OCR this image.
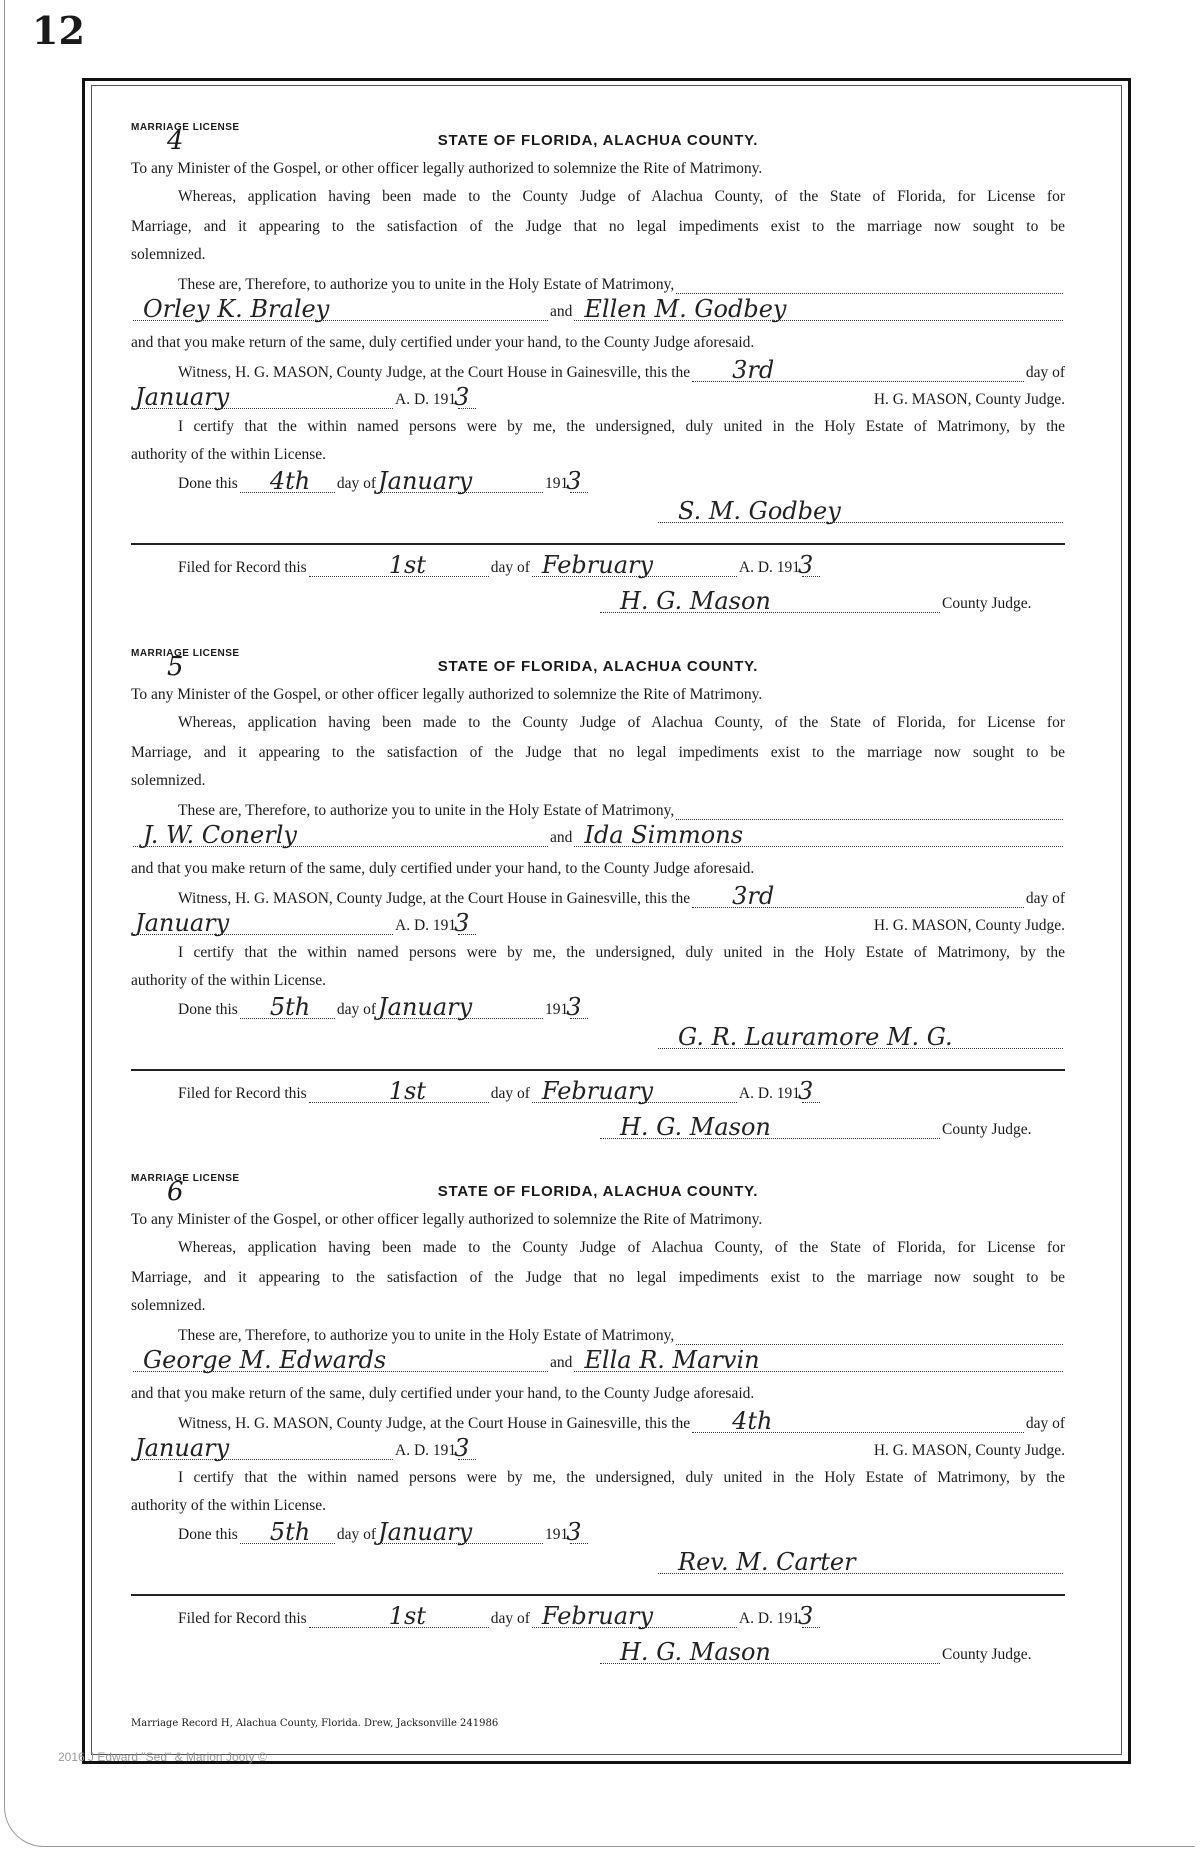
12
MARRIAGE LICENSE
4	STATE OF FLORIDA, ALACHUA COUNTY.
To any Minister of the Gospel, or other officer legally authorized to solemnize the Rite of Matrimony.
Whereas, application having been made to the County Judge of Alachua County, of the State of Florida, for License for
Marriage, and it appearing to the satisfaction of the Judge that no legal impediments exist to the marriage now sought to be
solemnized.
These are, Therefore, to authorize you to unite in the Holy Estate of Matrimony,
Orley K. Braley	and Ellen M. Godbey
and that you make return of the same, duly certified under your hand, to the County Judge aforesaid.
Witness, H. G. MASON, County Judge, at the Court House in Gainesville, this the 3rd	day of
January	A. D. 191
3	H. G. MASON, County Judge.
I certify that the within named persons were by me, the undersigned, duly united in the Holy Estate of Matrimony, by the
authority of the within License.
Done this 4th day of January	191
3
S. M. Godbey
Filed for Record this	1st	day of February	A. D. 191
3
H. G. Mason	County Judge.
MARRIAGE LICENSE
5	STATE OF FLORIDA, ALACHUA COUNTY.
To any Minister of the Gospel, or other officer legally authorized to solemnize the Rite of Matrimony.
Whereas, application having been made to the County Judge of Alachua County, of the State of Florida, for License for
Marriage, and it appearing to the satisfaction of the Judge that no legal impediments exist to the marriage now sought to be
solemnized.
These are, Therefore, to authorize you to unite in the Holy Estate of Matrimony,
J. W. Conerly	and Ida Simmons
and that you make return of the same, duly certified under your hand, to the County Judge aforesaid.
Witness, H. G. MASON, County Judge, at the Court House in Gainesville, this the 3rd	day of
January	A. D. 191
3	H. G. MASON, County Judge.
I certify that the within named persons were by me, the undersigned, duly united in the Holy Estate of Matrimony, by the
authority of the within License.
Done this 5th day of January	191
3
G. R. Lauramore M. G.
Filed for Record this	1st	day of February	A. D. 191
3
H. G. Mason	County Judge.
MARRIAGE LICENSE
6	STATE OF FLORIDA, ALACHUA COUNTY.
To any Minister of the Gospel, or other officer legally authorized to solemnize the Rite of Matrimony.
Whereas, application having been made to the County Judge of Alachua County, of the State of Florida, for License for
Marriage, and it appearing to the satisfaction of the Judge that no legal impediments exist to the marriage now sought to be
solemnized.
These are, Therefore, to authorize you to unite in the Holy Estate of Matrimony,
George M. Edwards	and Ella R. Marvin
and that you make return of the same, duly certified under your hand, to the County Judge aforesaid.
Witness, H. G. MASON, County Judge, at the Court House in Gainesville, this the 4th	day of
January	A. D. 191
3	H. G. MASON, County Judge.
I certify that the within named persons were by me, the undersigned, duly united in the Holy Estate of Matrimony, by the
authority of the within License.
Done this 5th day of January	191
3
Rev. M. Carter
Filed for Record this	1st	day of February	A. D. 191
3
H. G. Mason	County Judge.
Marriage Record H, Alachua County, Florida. Drew, Jacksonville 241986
2016 J Edward "Sed" & Marion Jooty ©
